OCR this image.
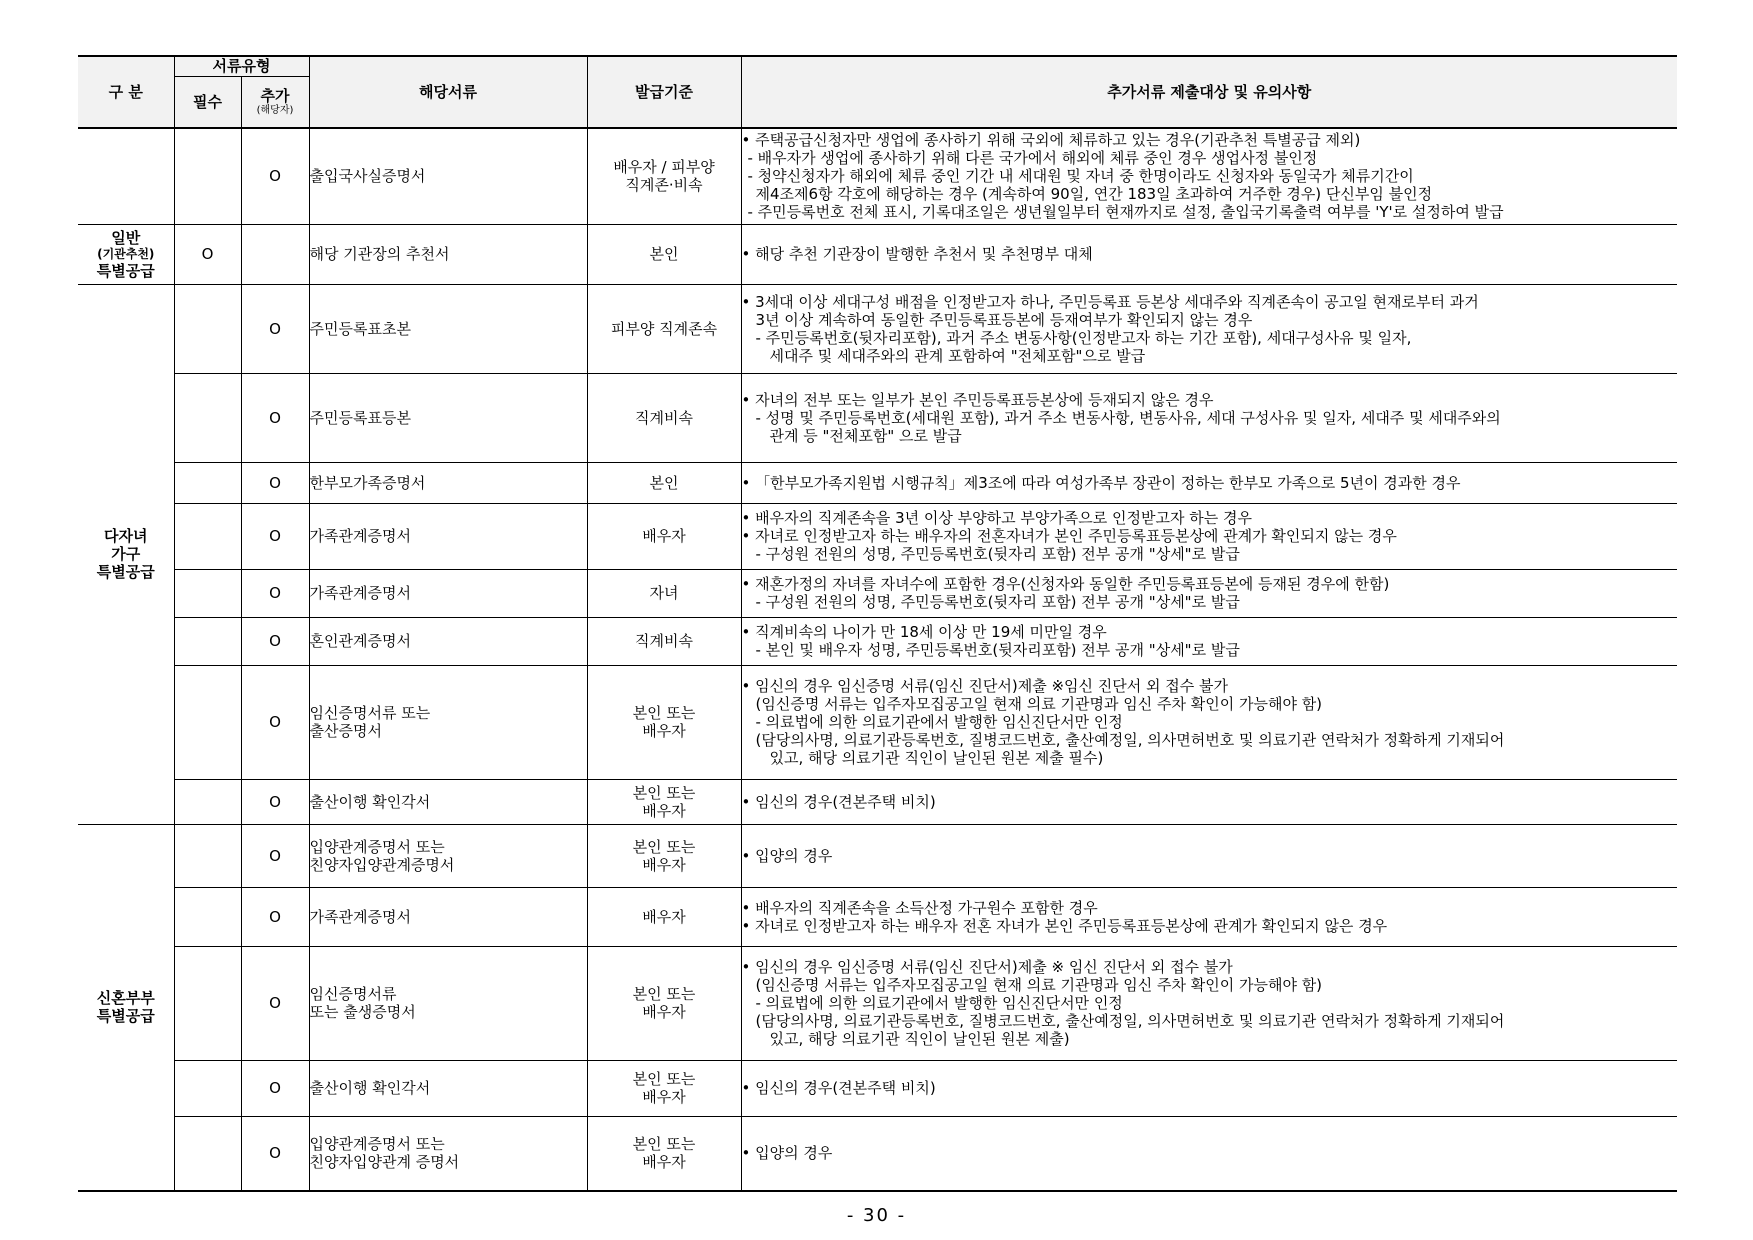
구 분	서류유형		해당서류	발급기준	추가서류 제출대상 및 유의사항
	필수	추가
(해당자)			

		O	출입국사실증명서	배우자 / 피부양
직계존·비속	• 주택공급신청자만 생업에 종사하기 위해 국외에 체류하고 있는 경우(기관추천 특별공급 제외)
- 배우자가 생업에 종사하기 위해 다른 국가에서 해외에 체류 중인 경우 생업사정 불인정
- 청약신청자가 해외에 체류 중인 기간 내 세대원 및 자녀 중 한명이라도 신청자와 동일국가 체류기간이
제4조제6항 각호에 해당하는 경우 (계속하여 90일, 연간 183일 초과하여 거주한 경우) 단신부임 불인정
- 주민등록번호 전체 표시, 기록대조일은 생년월일부터 현재까지로 설정, 출입국기록출력 여부를 'Y'로 설정하여 발급

일반
(기관추천)
특별공급	O		해당 기관장의 추천서	본인	• 해당 추천 기관장이 발행한 추천서 및 추천명부 대체

다자녀
가구
특별공급		O	주민등록표초본	피부양 직계존속	• 3세대 이상 세대구성 배점을 인정받고자 하나, 주민등록표 등본상 세대주와 직계존속이 공고일 현재로부터 과거
3년 이상 계속하여 동일한 주민등록표등본에 등재여부가 확인되지 않는 경우
- 주민등록번호(뒷자리포함), 과거 주소 변동사항(인정받고자 하는 기간 포함), 세대구성사유 및 일자,
세대주 및 세대주와의 관계 포함하여 "전체포함"으로 발급

		O	주민등록표등본	직계비속	• 자녀의 전부 또는 일부가 본인 주민등록표등본상에 등재되지 않은 경우
- 성명 및 주민등록번호(세대원 포함), 과거 주소 변동사항, 변동사유, 세대 구성사유 및 일자, 세대주 및 세대주와의
관계 등 "전체포함" 으로 발급

		O	한부모가족증명서	본인	• 「한부모가족지원법 시행규칙」제3조에 따라 여성가족부 장관이 정하는 한부모 가족으로 5년이 경과한 경우

		O	가족관계증명서	배우자	• 배우자의 직계존속을 3년 이상 부양하고 부양가족으로 인정받고자 하는 경우
• 자녀로 인정받고자 하는 배우자의 전혼자녀가 본인 주민등록표등본상에 관계가 확인되지 않는 경우
- 구성원 전원의 성명, 주민등록번호(뒷자리 포함) 전부 공개 "상세"로 발급

		O	가족관계증명서	자녀	• 재혼가정의 자녀를 자녀수에 포함한 경우(신청자와 동일한 주민등록표등본에 등재된 경우에 한함)
- 구성원 전원의 성명, 주민등록번호(뒷자리 포함) 전부 공개 "상세"로 발급

		O	혼인관계증명서	직계비속	• 직계비속의 나이가 만 18세 이상 만 19세 미만일 경우
- 본인 및 배우자 성명, 주민등록번호(뒷자리포함) 전부 공개 "상세"로 발급

		O	임신증명서류 또는
출산증명서	본인 또는
배우자	• 임신의 경우 임신증명 서류(임신 진단서)제출 ※임신 진단서 외 접수 불가
(임신증명 서류는 입주자모집공고일 현재 의료 기관명과 임신 주차 확인이 가능해야 함)
- 의료법에 의한 의료기관에서 발행한 임신진단서만 인정
(담당의사명, 의료기관등록번호, 질병코드번호, 출산예정일, 의사면허번호 및 의료기관 연락처가 정확하게 기재되어
있고, 해당 의료기관 직인이 날인된 원본 제출 필수)

		O	출산이행 확인각서	본인 또는
배우자	• 임신의 경우(견본주택 비치)

신혼부부
특별공급		O	입양관계증명서 또는
친양자입양관계증명서	본인 또는
배우자	• 입양의 경우

		O	가족관계증명서	배우자	• 배우자의 직계존속을 소득산정 가구원수 포함한 경우
• 자녀로 인정받고자 하는 배우자 전혼 자녀가 본인 주민등록표등본상에 관계가 확인되지 않은 경우

		O	임신증명서류
또는 출생증명서	본인 또는
배우자	• 임신의 경우 임신증명 서류(임신 진단서)제출 ※ 임신 진단서 외 접수 불가
(임신증명 서류는 입주자모집공고일 현재 의료 기관명과 임신 주차 확인이 가능해야 함)
- 의료법에 의한 의료기관에서 발행한 임신진단서만 인정
(담당의사명, 의료기관등록번호, 질병코드번호, 출산예정일, 의사면허번호 및 의료기관 연락처가 정확하게 기재되어
있고, 해당 의료기관 직인이 날인된 원본 제출)

		O	출산이행 확인각서	본인 또는
배우자	• 임신의 경우(견본주택 비치)

		O	입양관계증명서 또는
친양자입양관계 증명서	본인 또는
배우자	• 입양의 경우
- 30 -
